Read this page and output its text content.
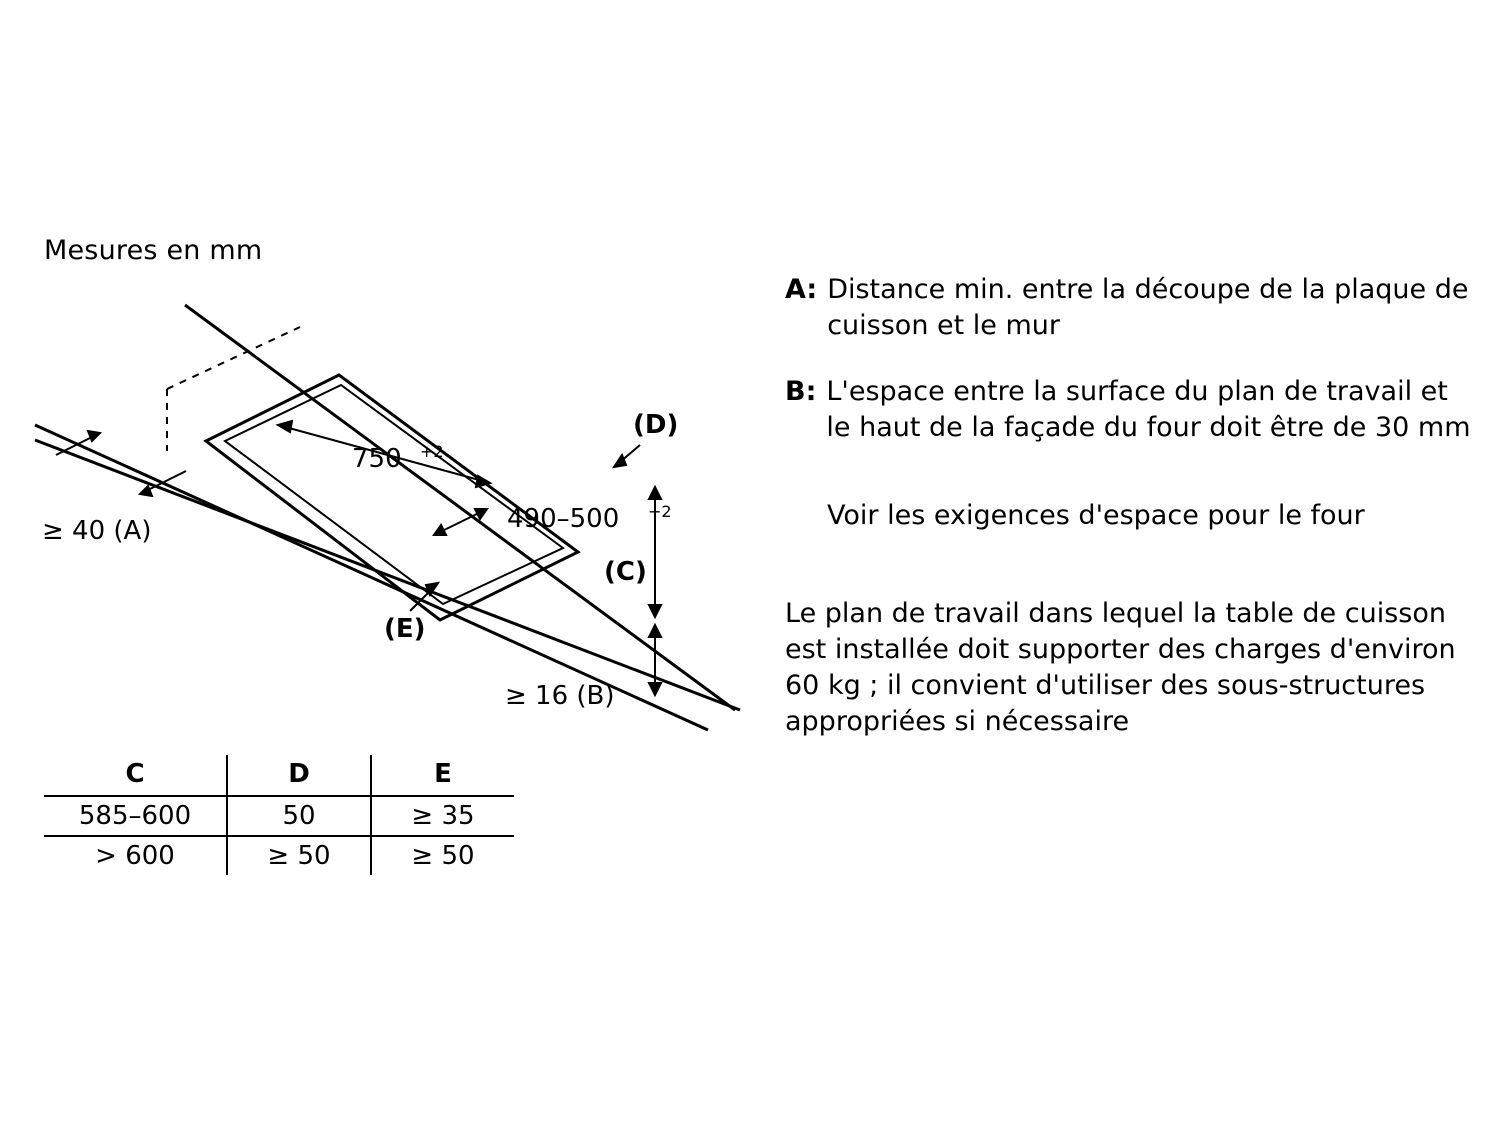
Mesures en mm
≥ 40 (A)
750 +2
490–500 +2
(D)
(C)
(E)
≥ 16 (B)
C	D	E
585–600	50	≥ 35
> 600	≥ 50	≥ 50
A: Distance min. entre la découpe de la plaque de cuisson et le mur
B: L'espace entre la surface du plan de travail et le haut de la façade du four doit être de 30 mm
Voir les exigences d'espace pour le four
Le plan de travail dans lequel la table de cuisson est installée doit supporter des charges d'environ 60 kg ; il convient d'utiliser des sous-structures appropriées si nécessaire
